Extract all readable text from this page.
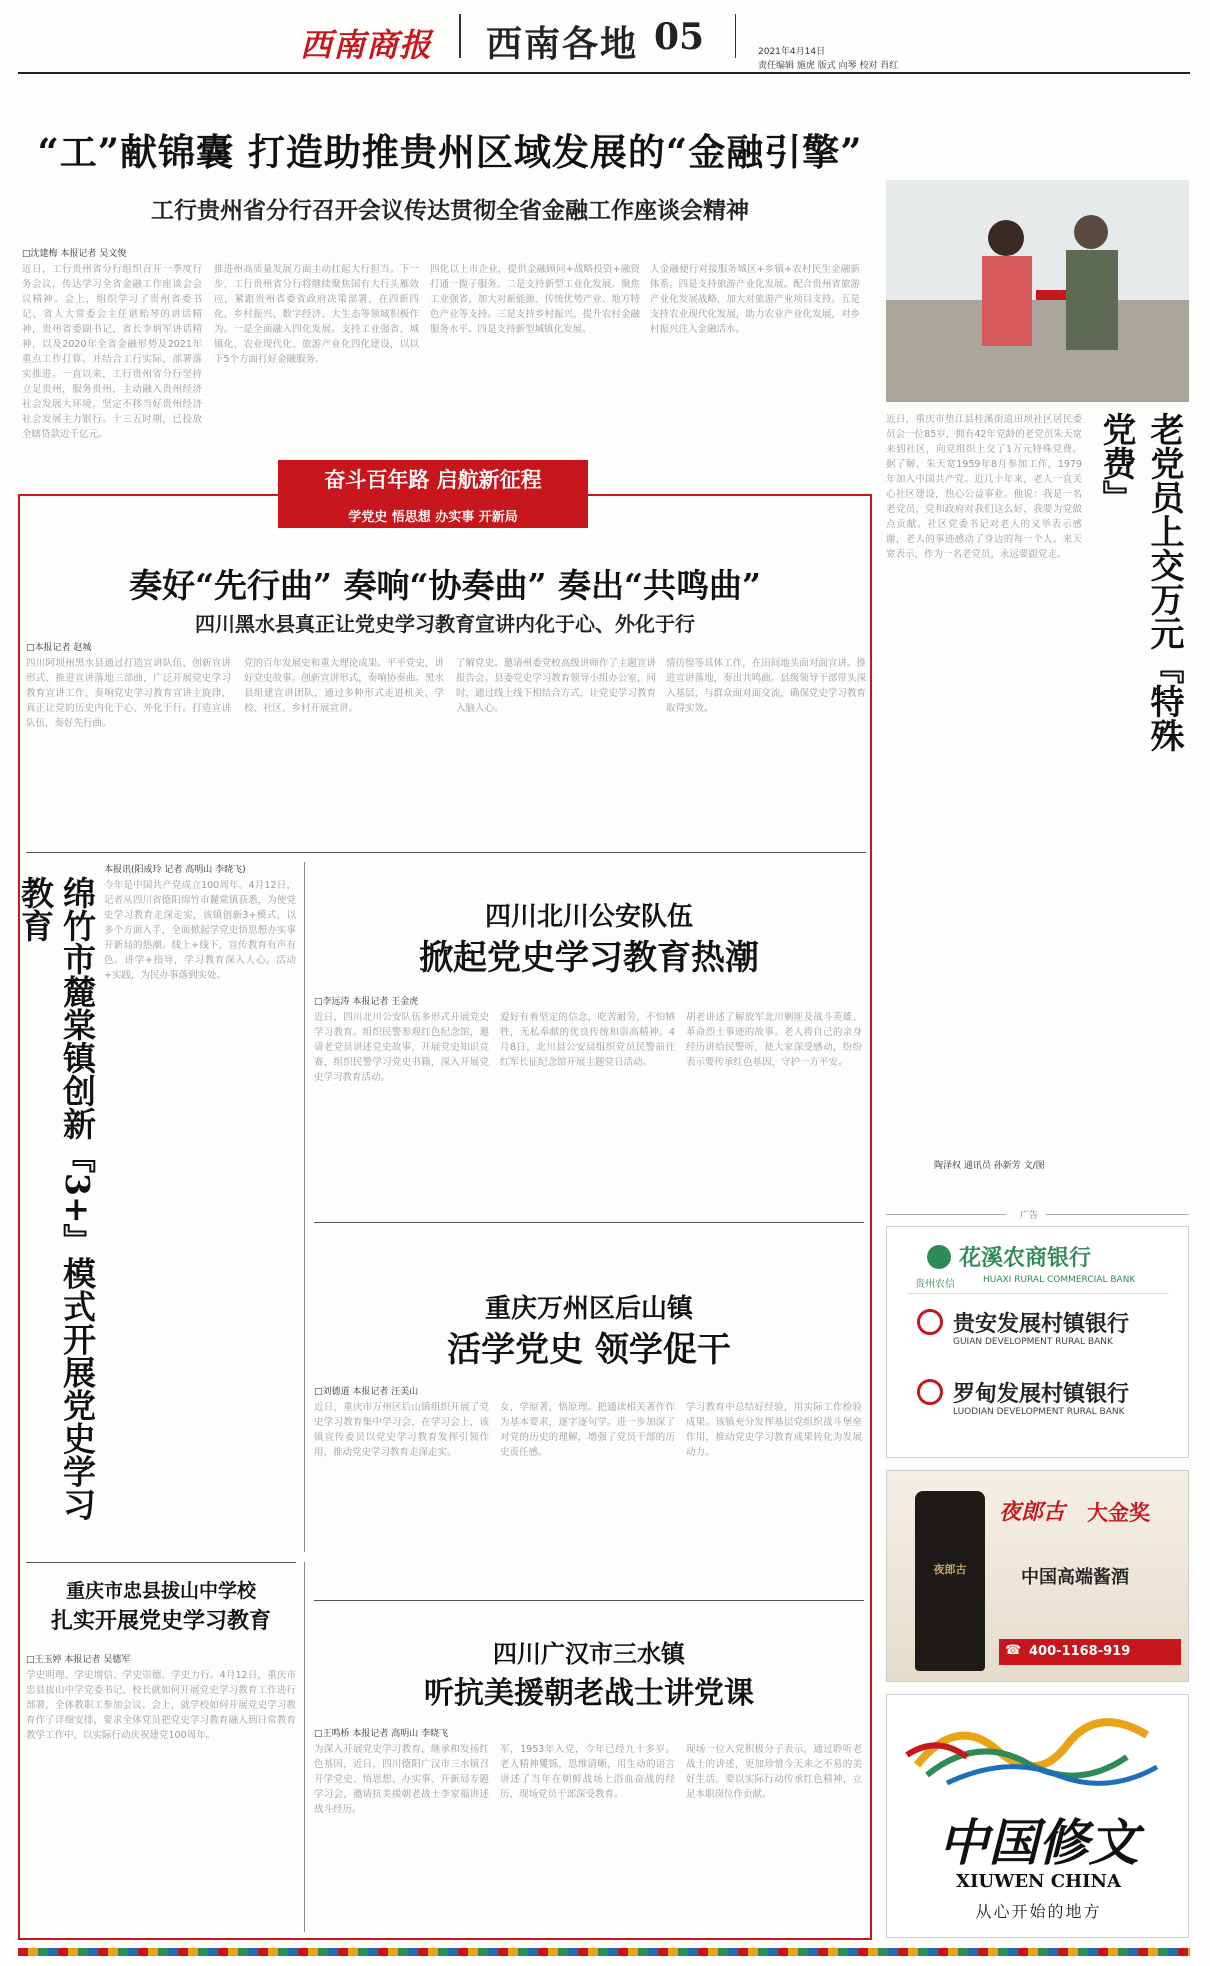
西南商报 西南各地 05	2021年4月14日
责任编辑 施虎 版式 向琴 校对 肖红
“工”献锦囊 打造助推贵州区域发展的“金融引擎”
工行贵州省分行召开会议传达贯彻全省金融工作座谈会精神
□沈建梅 本报记者 吴文俊
近日，工行贵州省分行组织召开一季度行务会议，传达学习全省金融工作座谈会会议精神。会上，组织学习了贵州省委书记、省人大常委会主任谌贻琴的讲话精神，贵州省委副书记、省长李炳军讲话精神，以及2020年全省金融形势及2021年重点工作打算。并结合工行实际，部署落实推进。一直以来，工行贵州省分行坚持立足贵州，服务贵州，主动融入贵州经济社会发展大环境，坚定不移当好贵州经济社会发展主力银行。十三五时期，已投放全辖贷款近千亿元。
推进州高质量发展方面主动扛起大行担当。下一步，工行贵州省分行将继续聚焦国有大行头雁效应，紧跟贵州省委省政府决策部署，在四新四化、乡村振兴、数字经济、大生态等领域积极作为。一是全面融入四化发展。支持工业强省、城镇化、农业现代化、旅游产业化四化建设，以以下5个方面打好金融服务。
四化以上市企业，提供金融顾问+战略投资+融资打通一揽子服务。二是支持新型工业化发展。聚焦工业强省，加大对新能源、传统优势产业、地方特色产业等支持。三是支持乡村振兴，提升农村金融服务水平。四是支持新型城镇化发展。
人金融便行对接服务城区+乡镇+农村民生金融新体系。四是支持旅游产业化发展。配合贵州省旅游产业化发展战略，加大对旅游产业项目支持。五是支持农业现代化发展，助力农业产业化发展，对乡村振兴注入金融活水。
老党员上交万元『特殊党费』
近日，重庆市垫江县桂溪街道田坝社区居民委员会一位85岁，拥有42年党龄的老党员朱天宽来到社区，向党组织上交了1万元特殊党费。据了解，朱天宽1959年8月参加工作，1979年加入中国共产党。近几十年来，老人一直关心社区建设，热心公益事业。他说：我是一名老党员，党和政府对我们这么好，我要为党做点贡献。社区党委书记对老人的义举表示感谢，老人的事迹感动了身边的每一个人。来天宽表示，作为一名老党员，永远要跟党走。
陶泽权 通讯员 孙新芳 文/图
奋斗百年路 启航新征程
学党史 悟思想 办实事 开新局
奏好“先行曲” 奏响“协奏曲” 奏出“共鸣曲”
四川黑水县真正让党史学习教育宣讲内化于心、外化于行
□本报记者 赵城
四川阿坝州黑水县通过打造宣讲队伍、创新宣讲形式、推进宣讲落地三部曲，广泛开展党史学习教育宣讲工作，奏响党史学习教育宣讲主旋律，真正让党的历史内化于心、外化于行。打造宣讲队伍，奏好先行曲。
党的百年发展史和重大理论成果。平平党史，讲好党史故事。创新宣讲形式，奏响协奏曲。黑水县组建宣讲团队，通过多种形式走进机关、学校、社区、乡村开展宣讲。
了解党史。邀请州委党校高级讲师作了主题宣讲报告会。县委党史学习教育领导小组办公室，同时，通过线上线下相结合方式，让党史学习教育入脑入心。
情彷徨等具体工作，在田间地头面对面宣讲。推进宣讲落地，奏出共鸣曲。县级领导干部带头深入基层，与群众面对面交流，确保党史学习教育取得实效。
绵竹市麓棠镇创新『3+』模式开展党史学习教育
本报讯(阳成玲 记者 高明山 李晓飞)
今年是中国共产党成立100周年。4月12日，记者从四川省德阳绵竹市麓棠镇获悉，为使党史学习教育走深走实，该镇创新3+模式，以多个方面入手，全面掀起学党史悟思想办实事开新局的热潮。线上+线下，宣传教育有声有色。讲学+指导，学习教育深入人心。活动+实践，为民办事落到实处。
四川北川公安队伍
掀起党史学习教育热潮
□李远涛 本报记者 王金虎
近日，四川北川公安队伍多形式开展党史学习教育。组织民警参观红色纪念馆，邀请老党员讲述党史故事，开展党史知识竞赛，组织民警学习党史书籍，深入开展党史学习教育活动。
爱好有着坚定的信念，吃苦耐劳，不怕牺牲，无私奉献的优良传统和崇高精神。4月8日，北川县公安局组织党员民警前往红军长征纪念馆开展主题党日活动。
胡老讲述了解放军北川剿匪及战斗英雄、革命烈士事迹的故事。老人将自己的亲身经历讲给民警听，使大家深受感动，纷纷表示要传承红色基因，守护一方平安。
重庆万州区后山镇
活学党史 领学促干
□刘德道 本报记者 汪美山
近日，重庆市万州区后山镇组织开展了党史学习教育集中学习会，在学习会上，该镇宣传委员以党史学习教育发挥引领作用，推动党史学习教育走深走实。
女，学原著，悟原理。把通读相关著作作为基本要求，逐字逐句学。进一步加深了对党的历史的理解，增强了党员干部的历史责任感。
学习教育中总结好经验，用实际工作检验成果。该镇充分发挥基层党组织战斗堡垒作用，推动党史学习教育成果转化为发展动力。
重庆市忠县拔山中学校
扎实开展党史学习教育
□王玉婷 本报记者 吴德军
学史明理、学史增信、学史崇德、学史力行。4月12日，重庆市忠县拔山中学党委书记、校长就如何开展党史学习教育工作进行部署，全体教职工参加会议。会上，就学校如何开展党史学习教育作了详细安排，要求全体党员把党史学习教育融入到日常教育教学工作中，以实际行动庆祝建党100周年。
四川广汉市三水镇
听抗美援朝老战士讲党课
□王鸣桥 本报记者 高明山 李晓飞
为深入开展党史学习教育，继承和发扬红色基因，近日，四川德阳广汉市三水镇召开学党史、悟思想、办实事、开新局专题学习会，邀请抗美援朝老战士李家福讲述战斗经历。
军，1953年入党，今年已经九十多岁。老人精神矍铄，思维清晰，用生动的语言讲述了当年在朝鲜战场上浴血奋战的经历，现场党员干部深受教育。
现场一位入党积极分子表示，通过聆听老战士的讲述，更加珍惜今天来之不易的美好生活，要以实际行动传承红色精神，立足本职岗位作贡献。
广告
花溪农商银行
贵州农信	HUAXI RURAL COMMERCIAL BANK
贵安发展村镇银行
GUIAN DEVELOPMENT RURAL BANK
罗甸发展村镇银行
LUODIAN DEVELOPMENT RURAL BANK
夜郎古
夜郎古 大金奖
中国高端酱酒
☎ 400-1168-919
中国修文
XIUWEN CHINA
从心开始的地方
